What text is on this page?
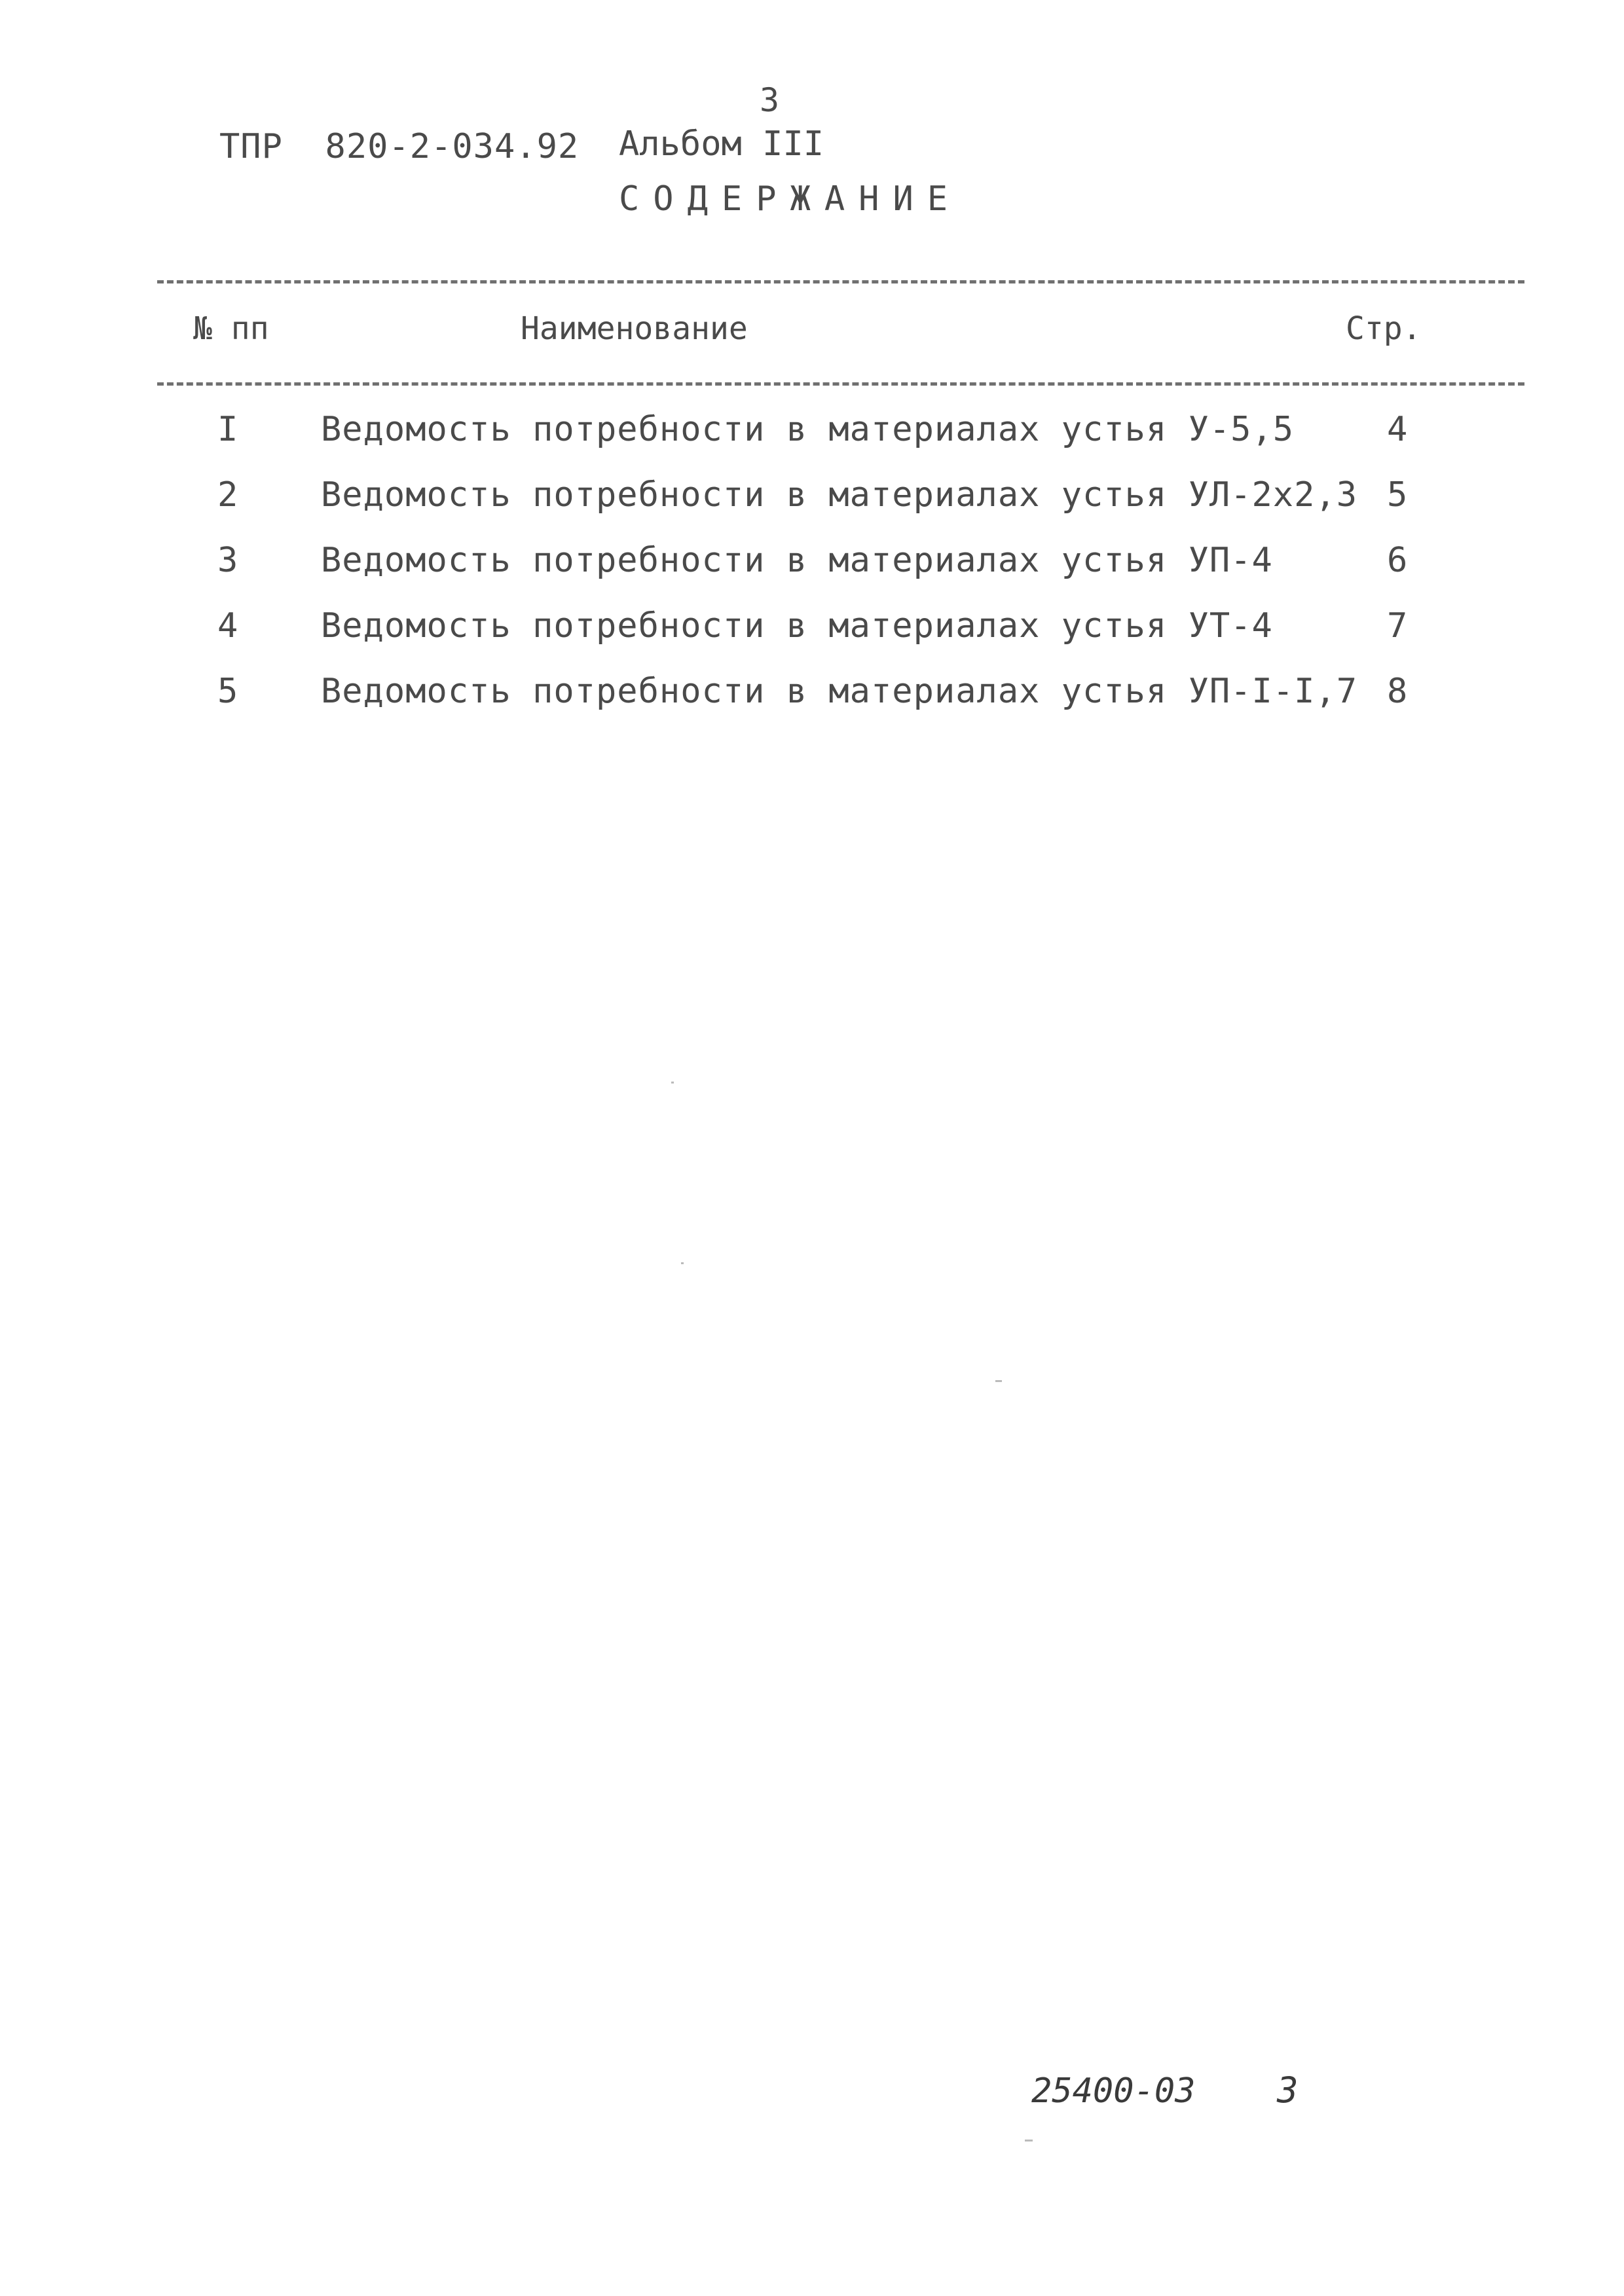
3
ТПР  820-2-034.92 Альбом III
СОДЕРЖАНИЕ
№ пп	Наименование	Стр.
I Ведомость потребности в материалах устья У-5,5	4
2 Ведомость потребности в материалах устья УЛ-2х2,3 5
3 Ведомость потребности в материалах устья УП-4	6
4 Ведомость потребности в материалах устья УТ-4	7
5 Ведомость потребности в материалах устья УП-I-I,7 8
25400-03 3
